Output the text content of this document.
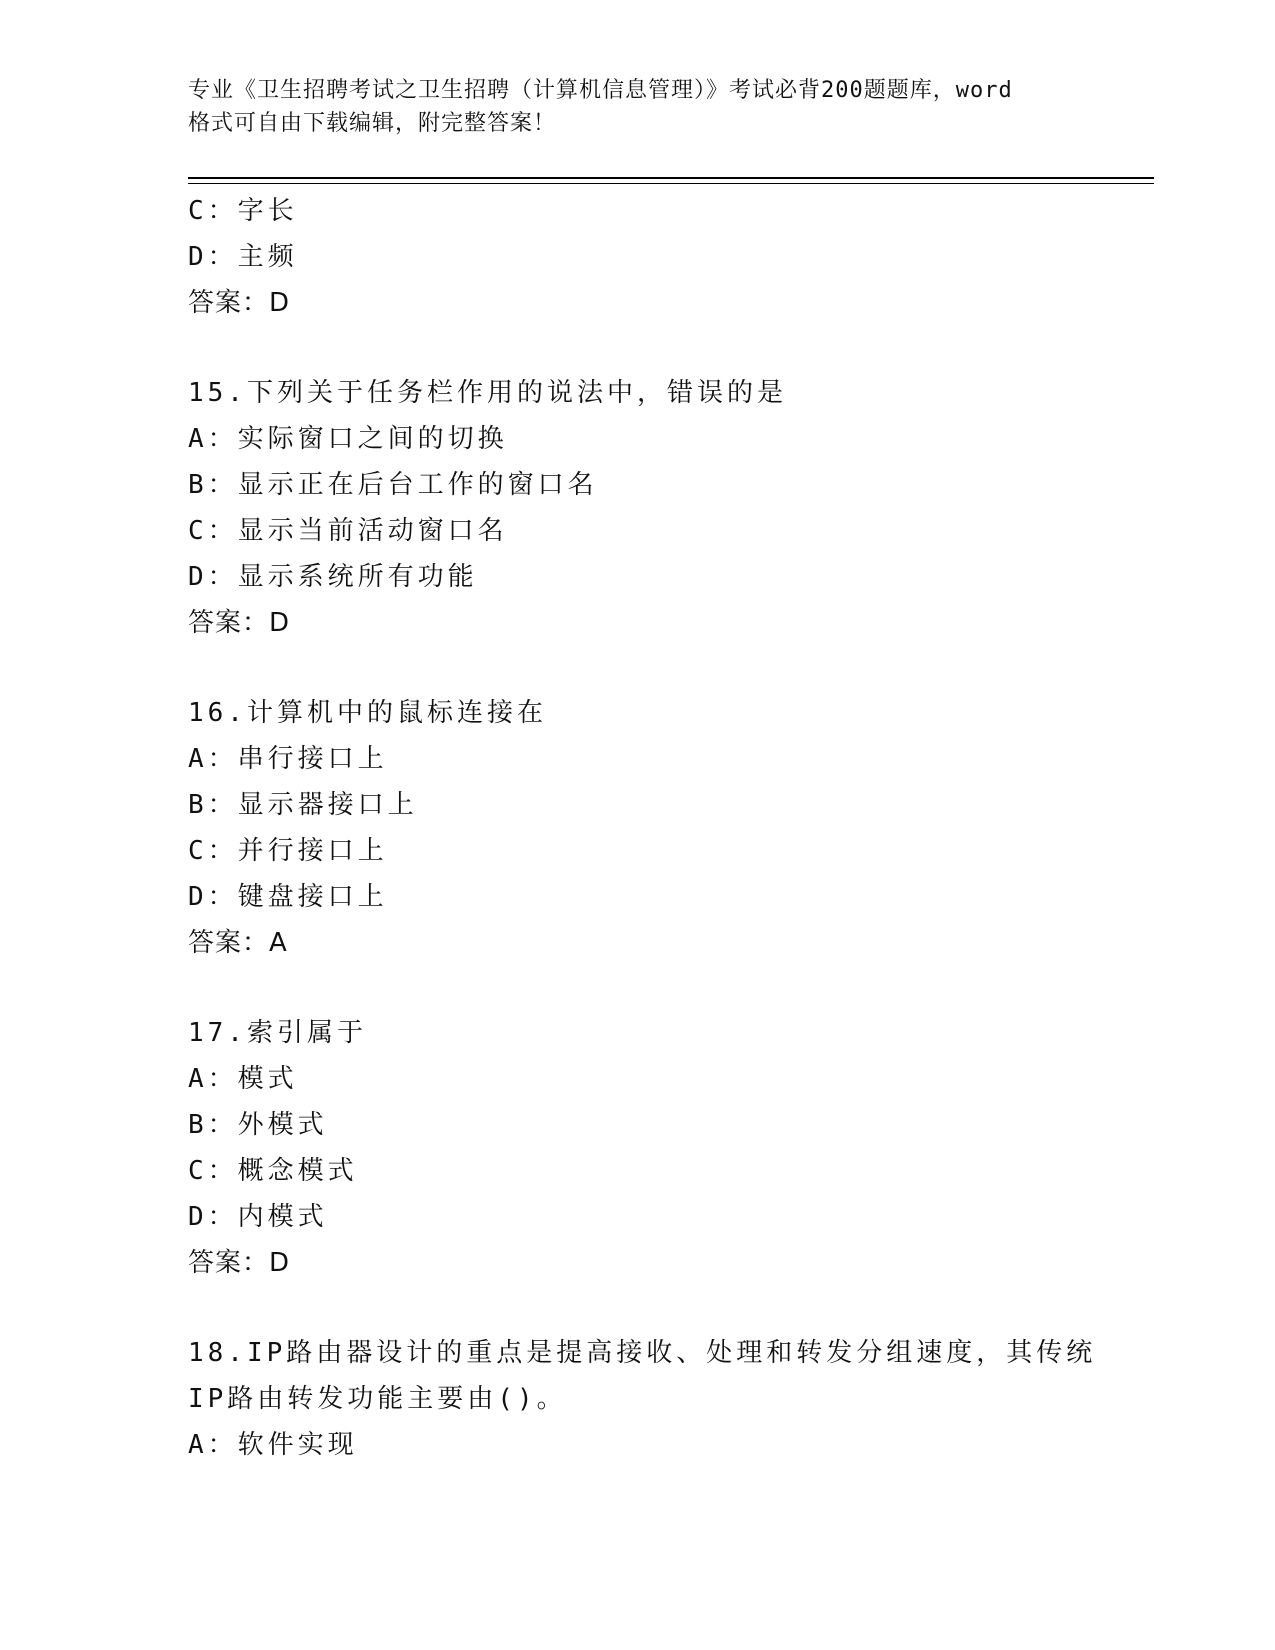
专业《卫生招聘考试之卫生招聘（计算机信息管理）》考试必背200题题库，word
格式可自由下载编辑，附完整答案！
C：字长
D：主频
答案：D
15.下列关于任务栏作用的说法中，错误的是
A：实际窗口之间的切换
B：显示正在后台工作的窗口名
C：显示当前活动窗口名
D：显示系统所有功能
答案：D
16.计算机中的鼠标连接在
A：串行接口上
B：显示器接口上
C：并行接口上
D：键盘接口上
答案：A
17.索引属于
A：模式
B：外模式
C：概念模式
D：内模式
答案：D
18.IP路由器设计的重点是提高接收、处理和转发分组速度，其传统
IP路由转发功能主要由()。
A：软件实现
